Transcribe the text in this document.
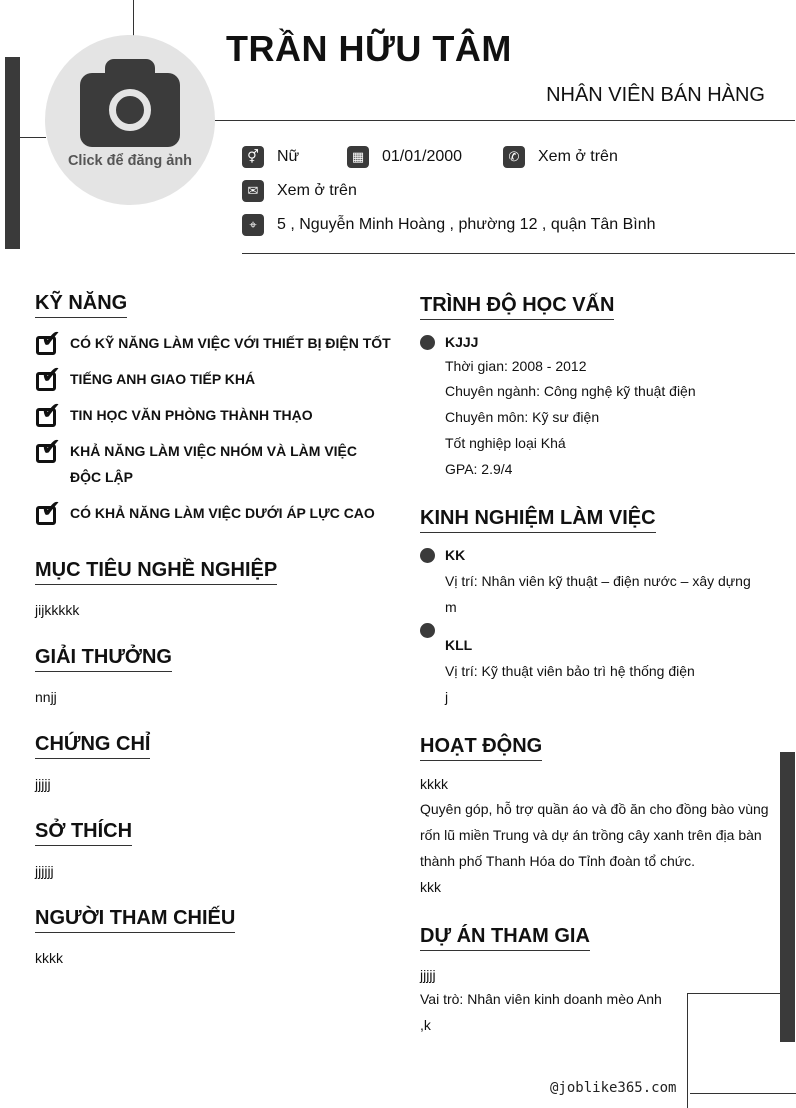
Click để đăng ảnh
TRẦN HỮU TÂM
NHÂN VIÊN BÁN HÀNG
⚥	Nữ	▦	01/01/2000	✆	Xem ở trên
✉	Xem ở trên
⌖	5 , Nguyễn Minh Hoàng , phường 12 , quận Tân Bình
KỸ NĂNG
✔ CÓ KỸ NĂNG LÀM VIỆC VỚI THIẾT BỊ ĐIỆN TỐT
✔ TIẾNG ANH GIAO TIẾP KHÁ
✔ TIN HỌC VĂN PHÒNG THÀNH THẠO
✔ KHẢ NĂNG LÀM VIỆC NHÓM VÀ LÀM VIỆC ĐỘC LẬP
✔ CÓ KHẢ NĂNG LÀM VIỆC DƯỚI ÁP LỰC CAO
MỤC TIÊU NGHỀ NGHIỆP
jijkkkkk
GIẢI THƯỞNG
nnjj
CHỨNG CHỈ
jjjjj
SỞ THÍCH
jjjjjj
NGƯỜI THAM CHIẾU
kkkk
TRÌNH ĐỘ HỌC VẤN
KJJJ
Thời gian: 2008 - 2012
Chuyên ngành: Công nghệ kỹ thuật điện
Chuyên môn: Kỹ sư điện
Tốt nghiệp loại Khá
GPA: 2.9/4
KINH NGHIỆM LÀM VIỆC
KK
Vị trí: Nhân viên kỹ thuật – điện nước – xây dựng m
KLL
Vị trí: Kỹ thuật viên bảo trì hệ thống điện
j
HOẠT ĐỘNG
kkkk
Quyên góp, hỗ trợ quần áo và đồ ăn cho đồng bào vùng rốn lũ miền Trung và dự án trồng cây xanh trên địa bàn thành phố Thanh Hóa do Tỉnh đoàn tổ chức.
kkk
DỰ ÁN THAM GIA
jjjjj
Vai trò: Nhân viên kinh doanh mèo Anh
,k
@joblike365.com
